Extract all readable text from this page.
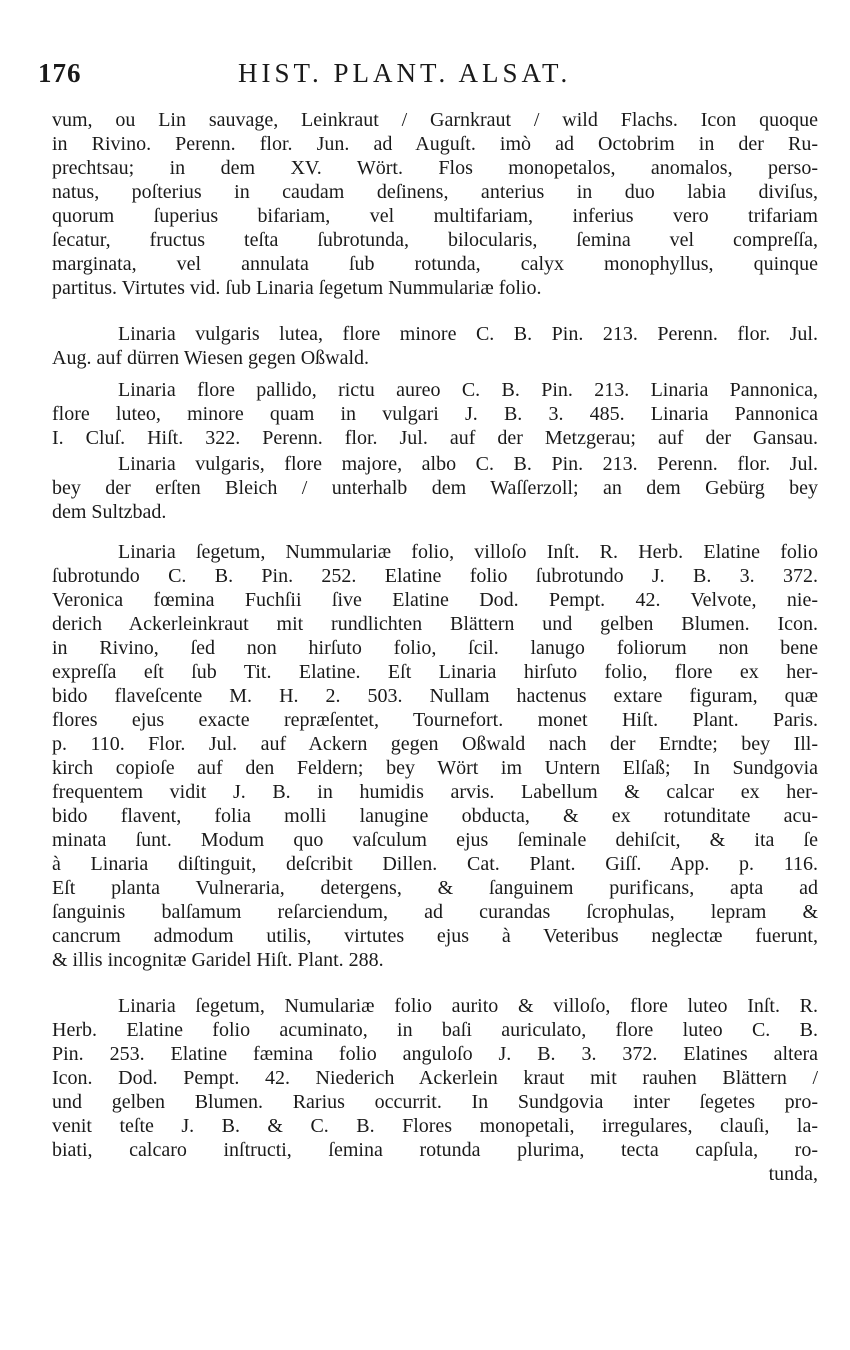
176	HIST. PLANT. ALSAT.
vum, ou Lin sauvage, Leinkraut / Garnkraut / wild Flachs. Icon quoque
in Rivino. Perenn. flor. Jun. ad Auguſt. imò ad Octobrim in der Ru-
prechtsau; in dem XV. Wört. Flos monopetalos, anomalos, perso-
natus, poſterius in caudam deſinens, anterius in duo labia diviſus,
quorum ſuperius bifariam, vel multifariam, inferius vero trifariam
ſecatur, fructus teſta ſubrotunda, bilocularis, ſemina vel compreſſa,
marginata, vel annulata ſub rotunda, calyx monophyllus, quinque
partitus. Virtutes vid. ſub Linaria ſegetum Nummulariæ folio.
Linaria vulgaris lutea, flore minore C. B. Pin. 213. Perenn. flor. Jul.
Aug. auf dürren Wiesen gegen Oßwald.
Linaria flore pallido, rictu aureo C. B. Pin. 213. Linaria Pannonica,
flore luteo, minore quam in vulgari J. B. 3. 485. Linaria Pannonica
I. Cluſ. Hiſt. 322. Perenn. flor. Jul. auf der Metzgerau; auf der Gansau.
Linaria vulgaris, flore majore, albo C. B. Pin. 213. Perenn. flor. Jul.
bey der erſten Bleich / unterhalb dem Waſſerzoll; an dem Gebürg bey
dem Sultzbad.
Linaria ſegetum, Nummulariæ folio, villoſo Inſt. R. Herb. Elatine folio
ſubrotundo C. B. Pin. 252. Elatine folio ſubrotundo J. B. 3. 372.
Veronica fœmina Fuchſii ſive Elatine Dod. Pempt. 42. Velvote, nie-
derich Ackerleinkraut mit rundlichten Blättern und gelben Blumen. Icon.
in Rivino, ſed non hirſuto folio, ſcil. lanugo foliorum non bene
expreſſa eſt ſub Tit. Elatine. Eſt Linaria hirſuto folio, flore ex her-
bido flaveſcente M. H. 2. 503. Nullam hactenus extare figuram, quæ
flores ejus exacte repræſentet, Tournefort. monet Hiſt. Plant. Paris.
p. 110. Flor. Jul. auf Ackern gegen Oßwald nach der Erndte; bey Ill-
kirch copioſe auf den Feldern; bey Wört im Untern Elſaß; In Sundgovia
frequentem vidit J. B. in humidis arvis. Labellum & calcar ex her-
bido flavent, folia molli lanugine obducta, & ex rotunditate acu-
minata ſunt. Modum quo vaſculum ejus ſeminale dehiſcit, & ita ſe
à Linaria diſtinguit, deſcribit Dillen. Cat. Plant. Giſſ. App. p. 116.
Eſt planta Vulneraria, detergens, & ſanguinem purificans, apta ad
ſanguinis balſamum reſarciendum, ad curandas ſcrophulas, lepram &
cancrum admodum utilis, virtutes ejus à Veteribus neglectæ fuerunt,
& illis incognitæ Garidel Hiſt. Plant. 288.
Linaria ſegetum, Numulariæ folio aurito & villoſo, flore luteo Inſt. R.
Herb. Elatine folio acuminato, in baſi auriculato, flore luteo C. B.
Pin. 253. Elatine fæmina folio anguloſo J. B. 3. 372. Elatines altera
Icon. Dod. Pempt. 42. Niederich Ackerlein kraut mit rauhen Blättern /
und gelben Blumen. Rarius occurrit. In Sundgovia inter ſegetes pro-
venit teſte J. B. & C. B. Flores monopetali, irregulares, clauſi, la-
biati, calcaro inſtructi, ſemina rotunda plurima, tecta capſula, ro-
tunda,
